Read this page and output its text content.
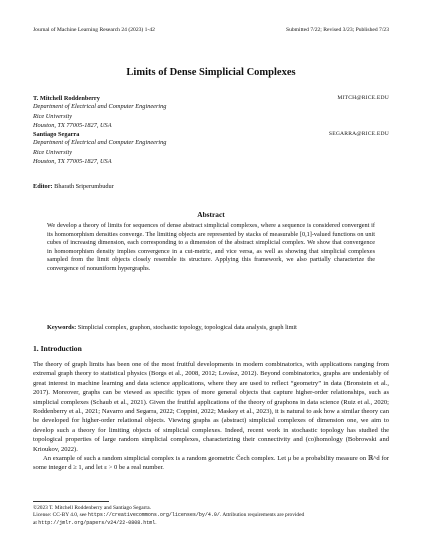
Journal of Machine Learning Research 24 (2023) 1-42	Submitted 7/22; Revised 3/23; Published 7/23
Limits of Dense Simplicial Complexes
T. Mitchell Roddenberry	MITCH@RICE.EDU
Department of Electrical and Computer Engineering
Rice University
Houston, TX 77005-1827, USA
Santiago Segarra	SEGARRA@RICE.EDU
Department of Electrical and Computer Engineering
Rice University
Houston, TX 77005-1827, USA
Editor: Bharath Sriperumbudur
Abstract
We develop a theory of limits for sequences of dense abstract simplicial complexes, where a sequence is considered convergent if its homomorphism densities converge. The limiting objects are represented by stacks of measurable [0,1]-valued functions on unit cubes of increasing dimension, each corresponding to a dimension of the abstract simplicial complex. We show that convergence in homomorphism density implies convergence in a cut-metric, and vice versa, as well as showing that simplicial complexes sampled from the limit objects closely resemble its structure. Applying this framework, we also partially characterize the convergence of nonuniform hypergraphs.
Keywords: Simplicial complex, graphon, stochastic topology, topological data analysis, graph limit
1. Introduction

The theory of graph limits has been one of the most fruitful developments in modern combinatorics, with applications ranging from extremal graph theory to statistical physics (Borgs et al., 2008, 2012; Lovász, 2012). Beyond combinatorics, graphs are undeniably of great interest in machine learning and data science applications, where they are used to reflect “geometry” in data (Bronstein et al., 2017). Moreover, graphs can be viewed as specific types of more general objects that capture higher-order relationships, such as simplicial complexes (Schaub et al., 2021). Given the fruitful applications of the theory of graphons in data science (Ruiz et al., 2020; Roddenberry et al., 2021; Navarro and Segarra, 2022; Coppini, 2022; Maskey et al., 2023), it is natural to ask how a similar theory can be developed for higher-order relational objects. Viewing graphs as (abstract) simplicial complexes of dimension one, we aim to develop such a theory for limiting objects of simplicial complexes. Indeed, recent work in stochastic topology has studied the topological properties of large random simplicial complexes, characterizing their connectivity and (co)homology (Bobrowski and Krioukov, 2022).

An example of such a random simplicial complex is a random geometric Čech complex. Let μ be a probability measure on ℝ^d for some integer d ≥ 1, and let ε > 0 be a real number.

©2023 T. Mitchell Roddenberry and Santiago Segarra.
License: CC-BY 4.0, see https://creativecommons.org/licenses/by/4.0/. Attribution requirements are provided
at http://jmlr.org/papers/v24/22-0808.html.
